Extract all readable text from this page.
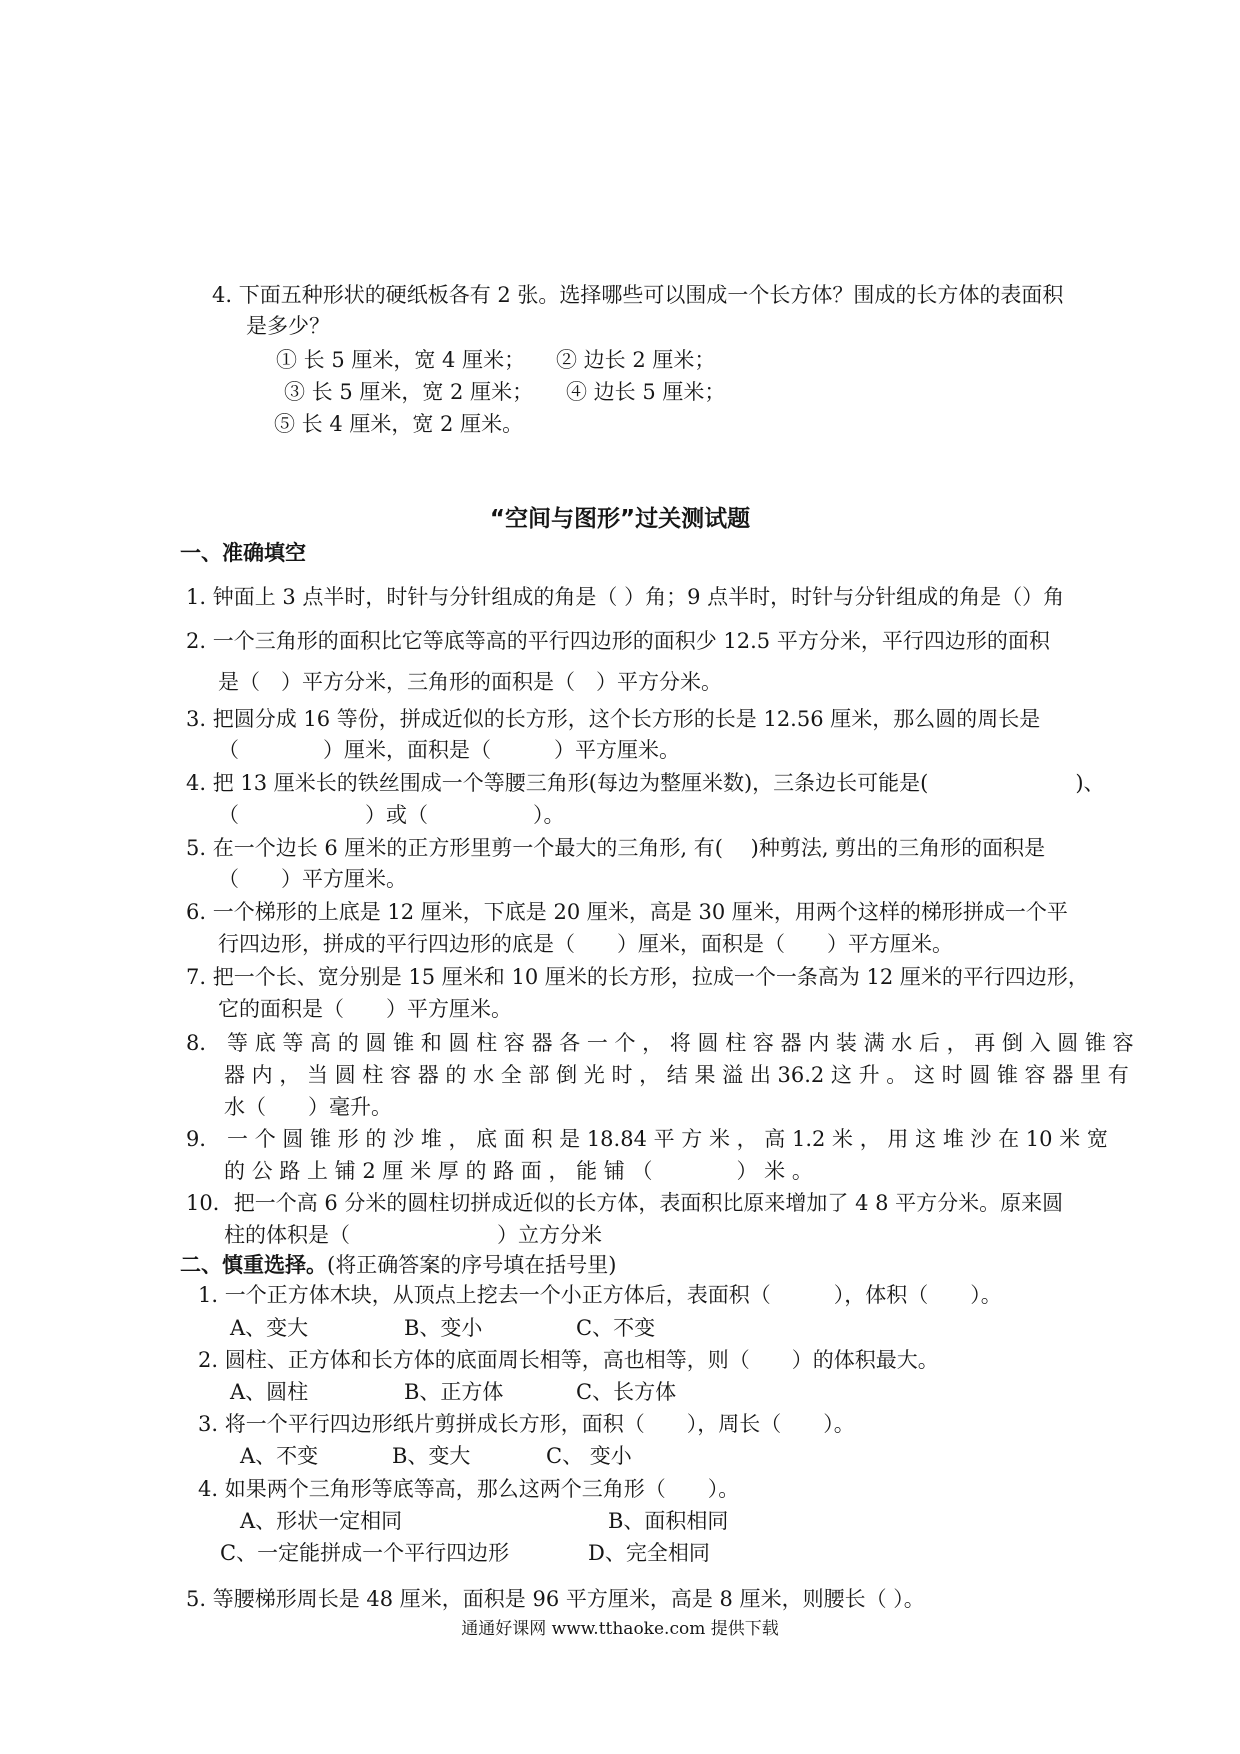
4. 下面五种形状的硬纸板各有 2 张。选择哪些可以围成一个长方体？围成的长方体的表面积
是多少？
① 长 5 厘米，宽 4 厘米； ② 边长 2 厘米；
③ 长 5 厘米，宽 2 厘米； ④ 边长 5 厘米；
⑤ 长 4 厘米，宽 2 厘米。
“空间与图形”过关测试题
一、准确填空
1. 钟面上 3 点半时，时针与分针组成的角是（ ）角；9 点半时，时针与分针组成的角是（）角
2. 一个三角形的面积比它等底等高的平行四边形的面积少 12.5 平方分米，平行四边形的面积
是（　）平方分米，三角形的面积是（　）平方分米。
3. 把圆分成 16 等份，拼成近似的长方形，这个长方形的长是 12.56 厘米，那么圆的周长是
（　　　　）厘米，面积是（　　　）平方厘米。
4. 把 13 厘米长的铁丝围成一个等腰三角形(每边为整厘米数)，三条边长可能是(　　　　　　　)、
（　　　　　　）或（　　　　　）。
5. 在一个边长 6 厘米的正方形里剪一个最大的三角形, 有(　 )种剪法, 剪出的三角形的面积是
（　　）平方厘米。
6. 一个梯形的上底是 12 厘米，下底是 20 厘米，高是 30 厘米，用两个这样的梯形拼成一个平
行四边形，拼成的平行四边形的底是（　　）厘米，面积是（　　）平方厘米。
7. 把一个长、宽分别是 15 厘米和 10 厘米的长方形，拉成一个一条高为 12 厘米的平行四边形，
它的面积是（　　）平方厘米。
8． 等 底 等 高 的 圆 锥 和 圆 柱 容 器 各 一 个 ， 将 圆 柱 容 器 内 装 满 水 后 ， 再 倒 入 圆 锥 容
器 内 ， 当 圆 柱 容 器 的 水 全 部 倒 光 时 ， 结 果 溢 出 36.2 这 升 。 这 时 圆 锥 容 器 里 有
水（　　）毫升。
9． 一 个 圆 锥 形 的 沙 堆 ， 底 面 积 是 18.84 平 方 米 ， 高 1.2 米 ， 用 这 堆 沙 在 10 米 宽
的 公 路 上 铺 2 厘 米 厚 的 路 面 ， 能 铺 （　　　　） 米 。
10．把一个高 6 分米的圆柱切拼成近似的长方体，表面积比原来增加了 4 8 平方分米。原来圆
柱的体积是（　　　　　　　）立方分米
二、慎重选择。(将正确答案的序号填在括号里)
1. 一个正方体木块，从顶点上挖去一个小正方体后，表面积（　　　），体积（　　）。
A、变大	B、变小	C、不变
2. 圆柱、正方体和长方体的底面周长相等，高也相等，则（　　）的体积最大。
A、圆柱	B、正方体	C、长方体
3. 将一个平行四边形纸片剪拼成长方形，面积（　　），周长（　　）。
A、不变	B、变大	C、 变小
4. 如果两个三角形等底等高，那么这两个三角形（　　）。
A、形状一定相同	B、面积相同
C、一定能拼成一个平行四边形	D、完全相同
5. 等腰梯形周长是 48 厘米，面积是 96 平方厘米，高是 8 厘米，则腰长（ ）。
通通好课网 www.tthaoke.com 提供下载
